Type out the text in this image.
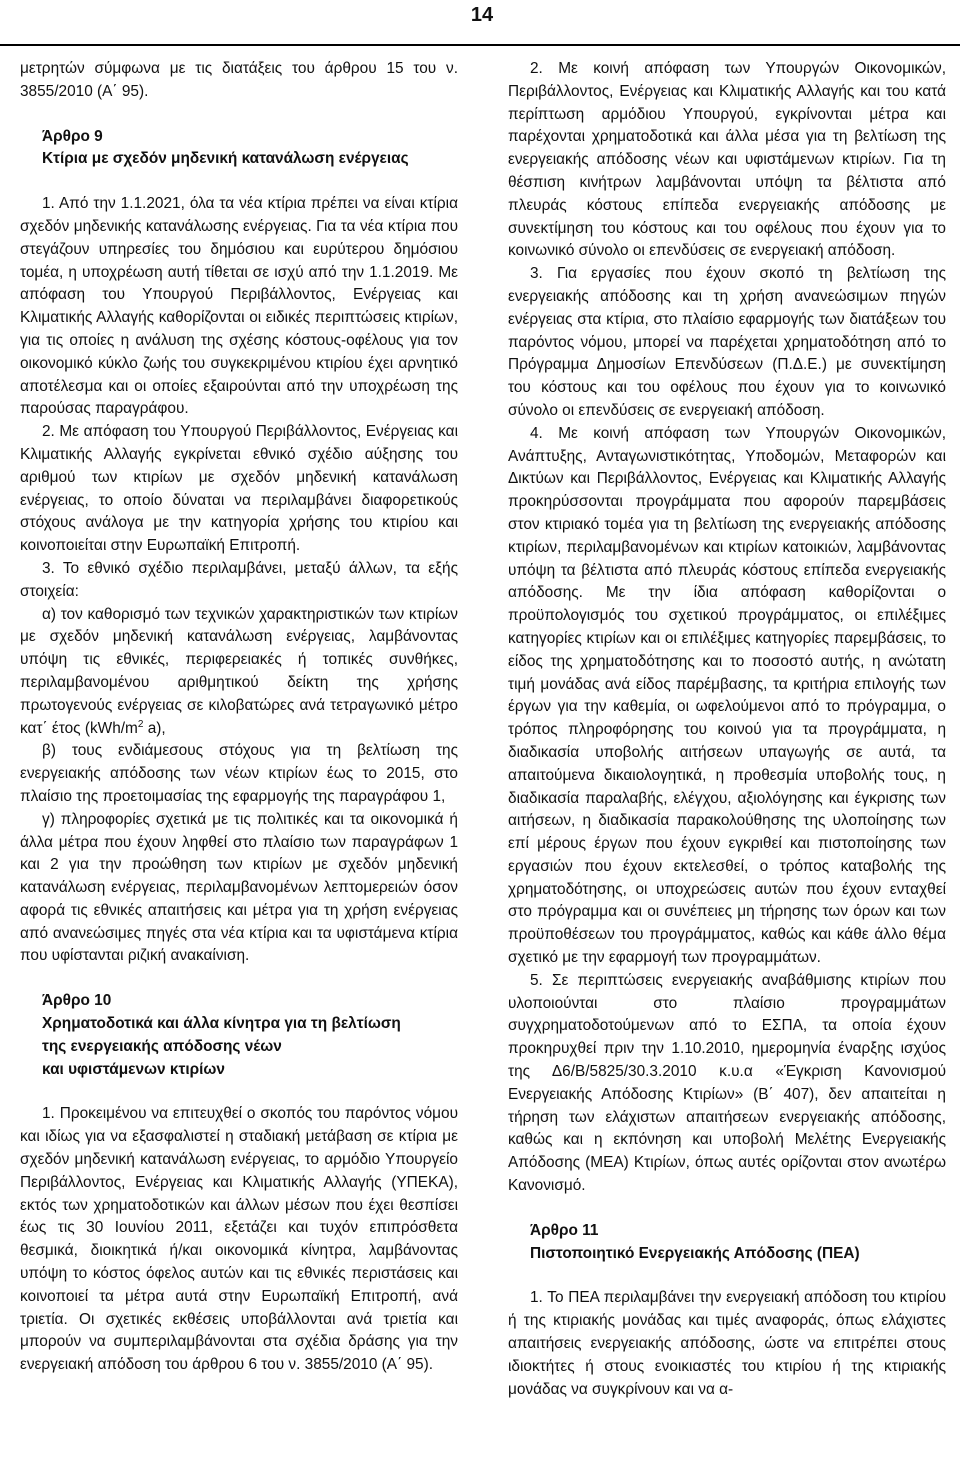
14

μετρητών σύμφωνα με τις διατάξεις του άρθρου 15 του ν. 3855/2010 (Α΄ 95).

Άρθρο 9

Κτίρια με σχεδόν μηδενική κατανάλωση ενέργειας

1. Από την 1.1.2021, όλα τα νέα κτίρια πρέπει να είναι κτίρια σχεδόν μηδενικής κατανάλωσης ενέργειας. Για τα νέα κτίρια που στεγάζουν υπηρεσίες του δημόσιου και ευρύτερου δημόσιου τομέα, η υποχρέωση αυτή τίθεται σε ισχύ από την 1.1.2019. Με απόφαση του Υπουργού Περιβάλλοντος, Ενέργειας και Κλιματικής Αλλαγής καθορίζονται οι ειδικές περιπτώσεις κτιρίων, για τις οποίες η ανάλυση της σχέσης κόστους-οφέλους για τον οικονομικό κύκλο ζωής του συγκεκριμένου κτιρίου έχει αρνητικό αποτέλεσμα και οι οποίες εξαιρούνται από την υποχρέωση της παρούσας παραγράφου.

2. Με απόφαση του Υπουργού Περιβάλλοντος, Ενέργειας και Κλιματικής Αλλαγής εγκρίνεται εθνικό σχέδιο αύξησης του αριθμού των κτιρίων με σχεδόν μηδενική κατανάλωση ενέργειας, το οποίο δύναται να περιλαμβάνει διαφορετικούς στόχους ανάλογα με την κατηγορία χρήσης του κτιρίου και κοινοποιείται στην Ευρωπαϊκή Επιτροπή.

3. Το εθνικό σχέδιο περιλαμβάνει, μεταξύ άλλων, τα εξής στοιχεία:

α) τον καθορισμό των τεχνικών χαρακτηριστικών των κτιρίων με σχεδόν μηδενική κατανάλωση ενέργειας, λαμβάνοντας υπόψη τις εθνικές, περιφερειακές ή τοπικές συνθήκες, περιλαμβανομένου αριθμητικού δείκτη της χρήσης πρωτογενούς ενέργειας σε κιλοβατώρες ανά τετραγωνικό μέτρο κατ΄ έτος ($kWh/m^2$ a),

β) τους ενδιάμεσους στόχους για τη βελτίωση της ενεργειακής απόδοσης των νέων κτιρίων έως το 2015, στο πλαίσιο της προετοιμασίας της εφαρμογής της παραγράφου 1,

γ) πληροφορίες σχετικά με τις πολιτικές και τα οικονομικά ή άλλα μέτρα που έχουν ληφθεί στο πλαίσιο των παραγράφων 1 και 2 για την προώθηση των κτιρίων με σχεδόν μηδενική κατανάλωση ενέργειας, περιλαμβανομένων λεπτομερειών όσον αφορά τις εθνικές απαιτήσεις και μέτρα για τη χρήση ενέργειας από ανανεώσιμες πηγές στα νέα κτίρια και τα υφιστάμενα κτίρια που υφίστανται ριζική ανακαίνιση.

Άρθρο 10

Χρηματοδοτικά και άλλα κίνητρα για τη βελτίωση

της ενεργειακής απόδοσης νέων

και υφιστάμενων κτιρίων

1. Προκειμένου να επιτευχθεί ο σκοπός του παρόντος νόμου και ιδίως για να εξασφαλιστεί η σταδιακή μετάβαση σε κτίρια με σχεδόν μηδενική κατανάλωση ενέργειας, το αρμόδιο Υπουργείο Περιβάλλοντος, Ενέργειας και Κλιματικής Αλλαγής (ΥΠΕΚΑ), εκτός των χρηματοδοτικών και άλλων μέσων που έχει θεσπίσει έως τις 30 Ιουνίου 2011, εξετάζει και τυχόν επιπρόσθετα θεσμικά, διοικητικά ή/και οικονομικά κίνητρα, λαμβάνοντας υπόψη το κόστος όφελος αυτών και τις εθνικές περιστάσεις και κοινοποιεί τα μέτρα αυτά στην Ευρωπαϊκή Επιτροπή, ανά τριετία. Οι σχετικές εκθέσεις υποβάλλονται ανά τριετία και μπορούν να συμπεριλαμβάνονται στα σχέδια δράσης για την ενεργειακή απόδοση του άρθρου 6 του ν. 3855/2010 (Α΄ 95).

2. Με κοινή απόφαση των Υπουργών Οικονομικών, Περιβάλλοντος, Ενέργειας και Κλιματικής Αλλαγής και του κατά περίπτωση αρμόδιου Υπουργού, εγκρίνονται μέτρα και παρέχονται χρηματοδοτικά και άλλα μέσα για τη βελτίωση της ενεργειακής απόδοσης νέων και υφιστάμενων κτιρίων. Για τη θέσπιση κινήτρων λαμβάνονται υπόψη τα βέλτιστα από πλευράς κόστους επίπεδα ενεργειακής απόδοσης με συνεκτίμηση του κόστους και του οφέλους που έχουν για το κοινωνικό σύνολο οι επενδύσεις σε ενεργειακή απόδοση.

3. Για εργασίες που έχουν σκοπό τη βελτίωση της ενεργειακής απόδοσης και τη χρήση ανανεώσιμων πηγών ενέργειας στα κτίρια, στο πλαίσιο εφαρμογής των διατάξεων του παρόντος νόμου, μπορεί να παρέχεται χρηματοδότηση από το Πρόγραμμα Δημοσίων Επενδύσεων (Π.Δ.Ε.) με συνεκτίμηση του κόστους και του οφέλους που έχουν για το κοινωνικό σύνολο οι επενδύσεις σε ενεργειακή απόδοση.

4. Με κοινή απόφαση των Υπουργών Οικονομικών, Ανάπτυξης, Ανταγωνιστικότητας, Υποδομών, Μεταφορών και Δικτύων και Περιβάλλοντος, Ενέργειας και Κλιματικής Αλλαγής προκηρύσσονται προγράμματα που αφορούν παρεμβάσεις στον κτιριακό τομέα για τη βελτίωση της ενεργειακής απόδοσης κτιρίων, περιλαμβανομένων και κτιρίων κατοικιών, λαμβάνοντας υπόψη τα βέλτιστα από πλευράς κόστους επίπεδα ενεργειακής απόδοσης. Με την ίδια απόφαση καθορίζονται ο προϋπολογισμός του σχετικού προγράμματος, οι επιλέξιμες κατηγορίες κτιρίων και οι επιλέξιμες κατηγορίες παρεμβάσεις, το είδος της χρηματοδότησης και το ποσοστό αυτής, η ανώτατη τιμή μονάδας ανά είδος παρέμβασης, τα κριτήρια επιλογής των έργων για την καθεμία, οι ωφελούμενοι από το πρόγραμμα, ο τρόπος πληροφόρησης του κοινού για τα προγράμματα, η διαδικασία υποβολής αιτήσεων υπαγωγής σε αυτά, τα απαιτούμενα δικαιολογητικά, η προθεσμία υποβολής τους, η διαδικασία παραλαβής, ελέγχου, αξιολόγησης και έγκρισης των αιτήσεων, η διαδικασία παρακολούθησης της υλοποίησης των επί μέρους έργων που έχουν εγκριθεί και πιστοποίησης των εργασιών που έχουν εκτελεσθεί, ο τρόπος καταβολής της χρηματοδότησης, οι υποχρεώσεις αυτών που έχουν ενταχθεί στο πρόγραμμα και οι συνέπειες μη τήρησης των όρων και των προϋποθέσεων του προγράμματος, καθώς και κάθε άλλο θέμα σχετικό με την εφαρμογή των προγραμμάτων.

5. Σε περιπτώσεις ενεργειακής αναβάθμισης κτιρίων που υλοποιούνται στο πλαίσιο προγραμμάτων συγχρηματοδοτούμενων από το ΕΣΠΑ, τα οποία έχουν προκηρυχθεί πριν την 1.10.2010, ημερομηνία έναρξης ισχύος της Δ6/Β/5825/30.3.2010 κ.υ.α «Έγκριση Κανονισμού Ενεργειακής Απόδοσης Κτιρίων» (Β΄ 407), δεν απαιτείται η τήρηση των ελάχιστων απαιτήσεων ενεργειακής απόδοσης, καθώς και η εκπόνηση και υποβολή Μελέτης Ενεργειακής Απόδοσης (ΜΕΑ) Κτιρίων, όπως αυτές ορίζονται στον ανωτέρω Κανονισμό.

Άρθρο 11

Πιστοποιητικό Ενεργειακής Απόδοσης (ΠΕΑ)

1. Το ΠΕΑ περιλαμβάνει την ενεργειακή απόδοση του κτιρίου ή της κτιριακής μονάδας και τιμές αναφοράς, όπως ελάχιστες απαιτήσεις ενεργειακής απόδοσης, ώστε να επιτρέπει στους ιδιοκτήτες ή στους ενοικιαστές του κτιρίου ή της κτιριακής μονάδας να συγκρίνουν και να α-
